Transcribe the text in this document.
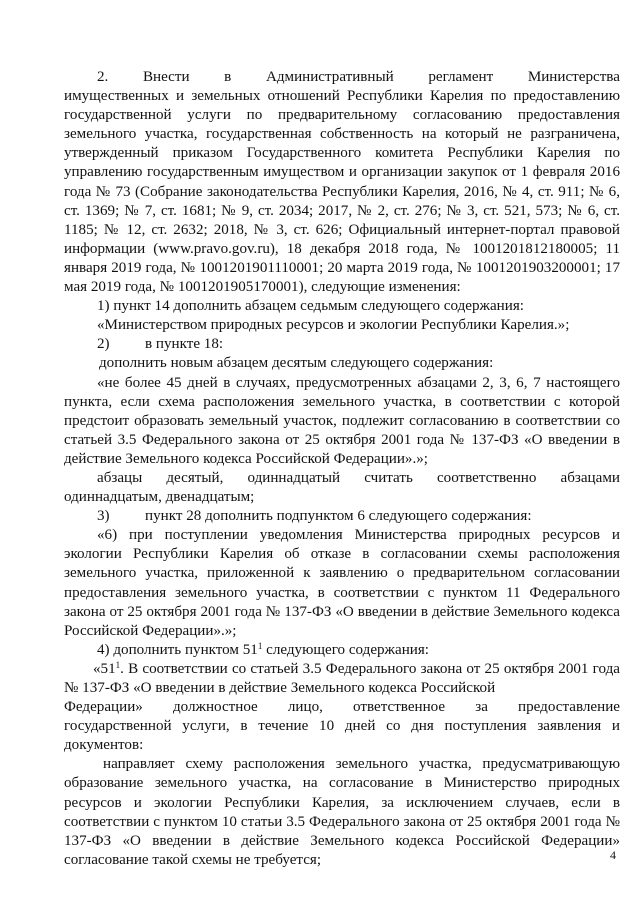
2. Внести в Административный регламент Министерства

имущественных и земельных отношений Республики Карелия по предоставлению государственной услуги по предварительному согласованию предоставления земельного участка, государственная собственность на который не разграничена, утвержденный приказом Государственного комитета Республики Карелия по управлению государственным имуществом и организации закупок от 1 февраля 2016 года № 73 (Собрание законодательства Республики Карелия, 2016, № 4, ст. 911; № 6, ст. 1369; № 7, ст. 1681; № 9, ст. 2034; 2017, № 2, ст. 276; № 3, ст. 521, 573; № 6, ст. 1185; № 12, ст. 2632; 2018, № 3, ст. 626; Официальный интернет-портал правовой информации (www.pravo.gov.ru), 18 декабря 2018 года, № 1001201812180005; 11 января 2019 года, № 1001201901110001; 20 марта 2019 года, № 1001201903200001; 17 мая 2019 года, № 1001201905170001), следующие изменения:

1) пункт 14 дополнить абзацем седьмым следующего содержания:

«Министерством природных ресурсов и экологии Республики Карелия.»;

2) в пункте 18:

дополнить новым абзацем десятым следующего содержания:

«не более 45 дней в случаях, предусмотренных абзацами 2, 3, 6, 7 настоящего пункта, если схема расположения земельного участка, в соответствии с которой предстоит образовать земельный участок, подлежит согласованию в соответствии со статьей 3.5 Федерального закона от 25 октября 2001 года № 137-ФЗ «О введении в действие Земельного кодекса Российской Федерации».»;

абзацы десятый, одиннадцатый считать соответственно абзацами

одиннадцатым, двенадцатым;

3) пункт 28 дополнить подпунктом 6 следующего содержания:

«6) при поступлении уведомления Министерства природных ресурсов и экологии Республики Карелия об отказе в согласовании схемы расположения земельного участка, приложенной к заявлению о предварительном согласовании предоставления земельного участка, в соответствии с пунктом 11 Федерального закона от 25 октября 2001 года № 137-ФЗ «О введении в действие Земельного кодекса Российской Федерации».»;

4) дополнить пунктом $51^1$ следующего содержания:

«$51^1$. В соответствии со статьей 3.5 Федерального закона от 25 октября 2001 года № 137-ФЗ «О введении в действие Земельного кодекса Российской

Федерации» должностное лицо, ответственное за предоставление

государственной услуги, в течение 10 дней со дня поступления заявления и документов:

направляет схему расположения земельного участка, предусматривающую образование земельного участка, на согласование в Министерство природных ресурсов и экологии Республики Карелия, за исключением случаев, если в соответствии с пунктом 10 статьи 3.5 Федерального закона от 25 октября 2001 года № 137-ФЗ «О введении в действие Земельного кодекса Российской Федерации» согласование такой схемы не требуется;	4
